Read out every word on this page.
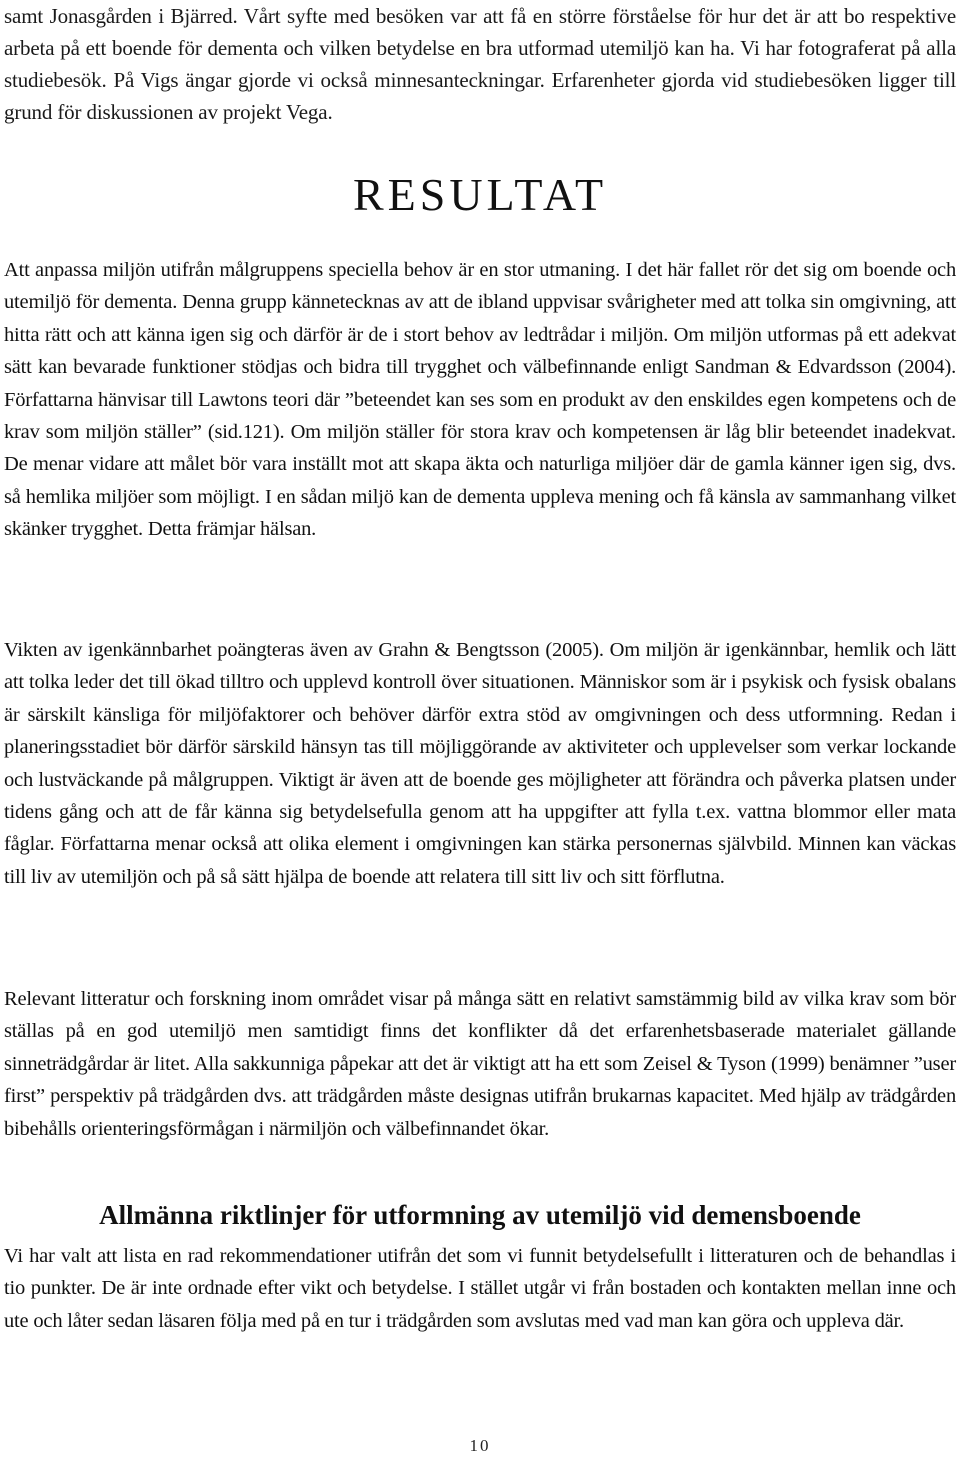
samt Jonasgården i Bjärred. Vårt syfte med besöken var att få en större förståelse för hur det är att bo respektive arbeta på ett boende för dementa och vilken betydelse en bra utformad utemiljö kan ha. Vi har fotograferat på alla studiebesök. På Vigs ängar gjorde vi också minnesanteckningar. Erfarenheter gjorda vid studiebesöken ligger till grund för diskussionen av projekt Vega.

RESULTAT

Att anpassa miljön utifrån målgruppens speciella behov är en stor utmaning. I det här fallet rör det sig om boende och utemiljö för dementa. Denna grupp kännetecknas av att de ibland uppvisar svårigheter med att tolka sin omgivning, att hitta rätt och att känna igen sig och därför är de i stort behov av ledtrådar i miljön. Om miljön utformas på ett adekvat sätt kan bevarade funktioner stödjas och bidra till trygghet och välbefinnande enligt Sandman & Edvardsson (2004). Författarna hänvisar till Lawtons teori där ”beteendet kan ses som en produkt av den enskildes egen kompetens och de krav som miljön ställer” (sid.121). Om miljön ställer för stora krav och kompetensen är låg blir beteendet inadekvat. De menar vidare att målet bör vara inställt mot att skapa äkta och naturliga miljöer där de gamla känner igen sig, dvs. så hemlika miljöer som möjligt. I en sådan miljö kan de dementa uppleva mening och få känsla av sammanhang vilket skänker trygghet. Detta främjar hälsan.

Vikten av igenkännbarhet poängteras även av Grahn & Bengtsson (2005). Om miljön är igenkännbar, hemlik och lätt att tolka leder det till ökad tilltro och upplevd kontroll över situationen. Människor som är i psykisk och fysisk obalans är särskilt känsliga för miljöfaktorer och behöver därför extra stöd av omgivningen och dess utformning. Redan i planeringsstadiet bör därför särskild hänsyn tas till möjliggörande av aktiviteter och upplevelser som verkar lockande och lustväckande på målgruppen. Viktigt är även att de boende ges möjligheter att förändra och påverka platsen under tidens gång och att de får känna sig betydelsefulla genom att ha uppgifter att fylla t.ex. vattna blommor eller mata fåglar. Författarna menar också att olika element i omgivningen kan stärka personernas självbild. Minnen kan väckas till liv av utemiljön och på så sätt hjälpa de boende att relatera till sitt liv och sitt förflutna.

Relevant litteratur och forskning inom området visar på många sätt en relativt samstämmig bild av vilka krav som bör ställas på en god utemiljö men samtidigt finns det konflikter då det erfarenhetsbaserade materialet gällande sinneträdgårdar är litet. Alla sakkunniga påpekar att det är viktigt att ha ett som Zeisel & Tyson (1999) benämner ”user first” perspektiv på trädgården dvs. att trädgården måste designas utifrån brukarnas kapacitet. Med hjälp av trädgården bibehålls orienteringsförmågan i närmiljön och välbefinnandet ökar.

Allmänna riktlinjer för utformning av utemiljö vid demensboende

Vi har valt att lista en rad rekommendationer utifrån det som vi funnit betydelsefullt i litteraturen och de behandlas i tio punkter. De är inte ordnade efter vikt och betydelse. I stället utgår vi från bostaden och kontakten mellan inne och ute och låter sedan läsaren följa med på en tur i trädgården som avslutas med vad man kan göra och uppleva där.

10
